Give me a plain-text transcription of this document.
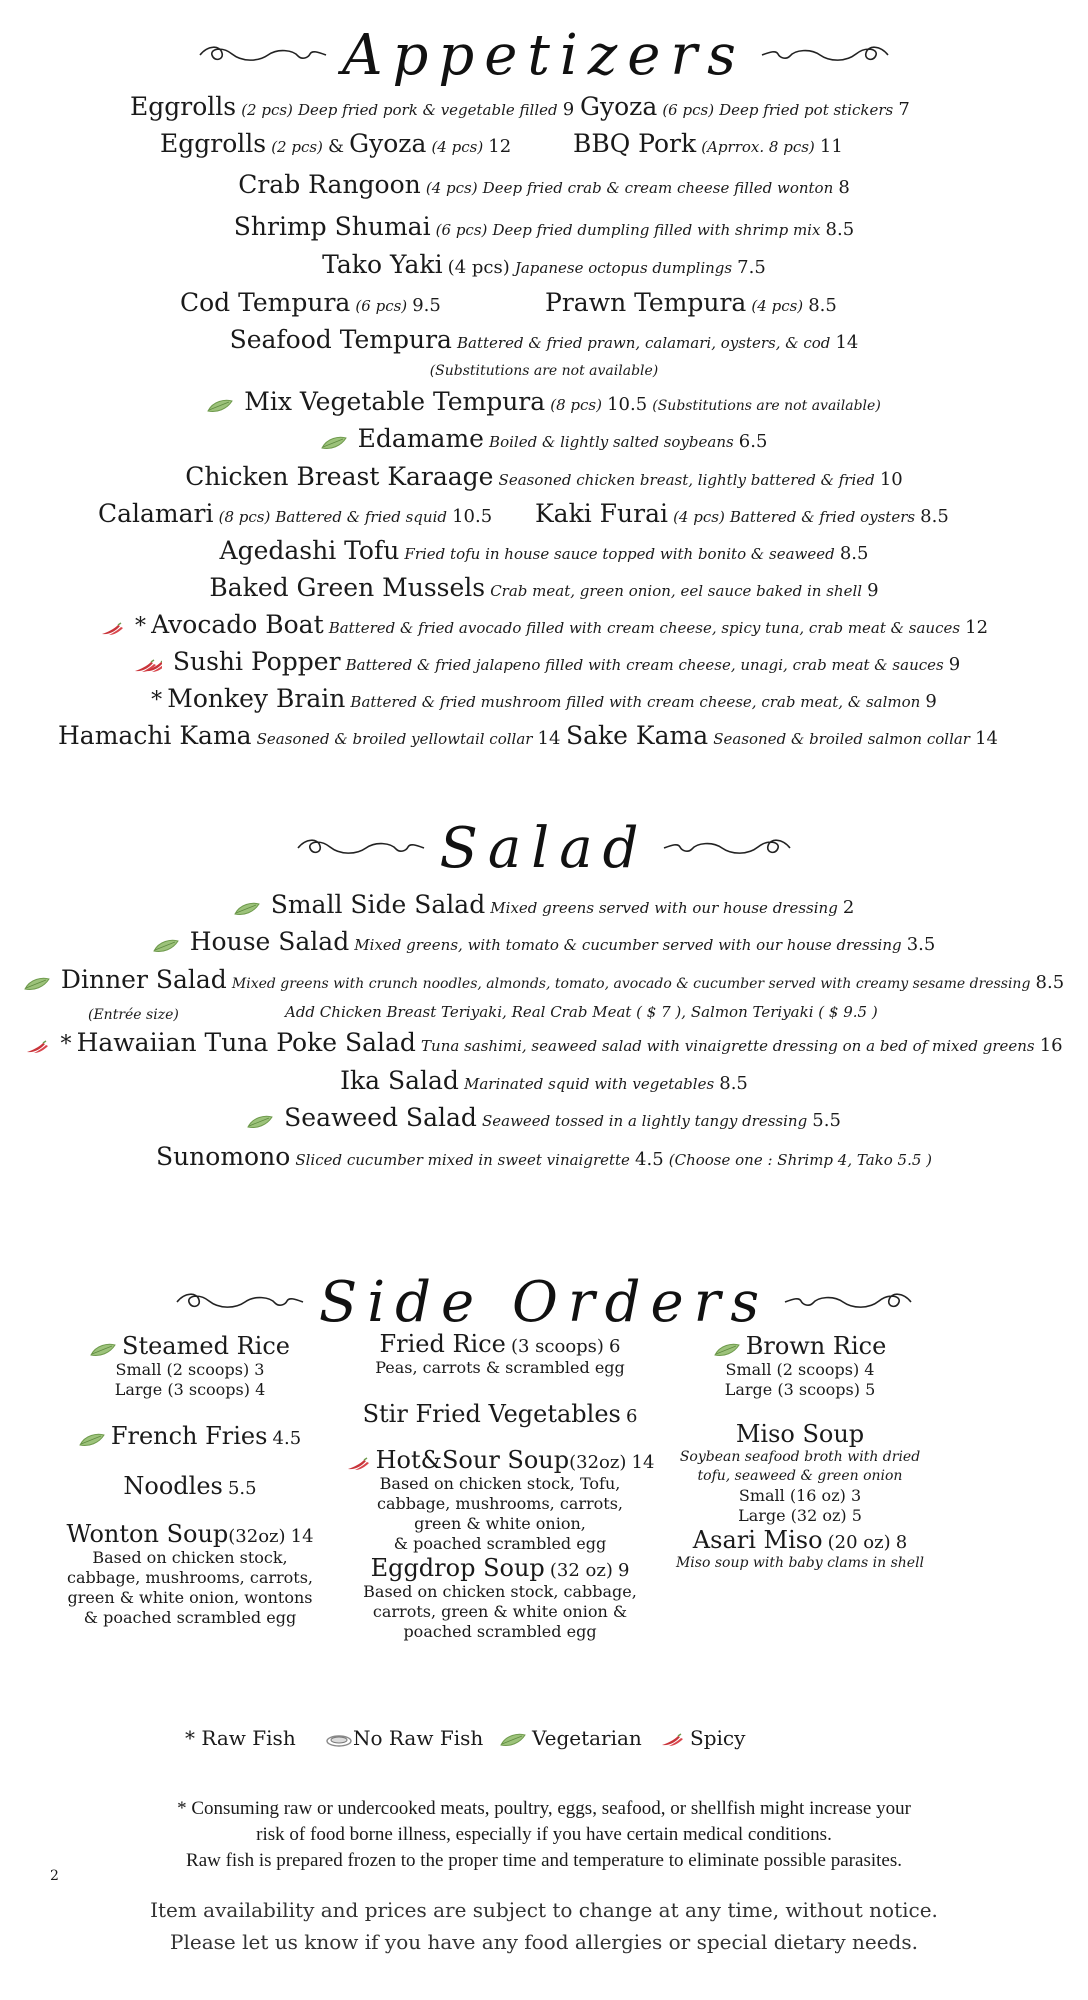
Appetizers
Eggrolls (2 pcs) Deep fried pork & vegetable filled 9 Gyoza (6 pcs) Deep fried pot stickers 7
Eggrolls (2 pcs) & Gyoza (4 pcs) 12 BBQ Pork (Aprrox. 8 pcs) 11
Crab Rangoon (4 pcs) Deep fried crab & cream cheese filled wonton 8
Shrimp Shumai (6 pcs) Deep fried dumpling filled with shrimp mix 8.5
Tako Yaki (4 pcs) Japanese octopus dumplings 7.5
Cod Tempura (6 pcs) 9.5	Prawn Tempura (4 pcs) 8.5
Seafood Tempura Battered & fried prawn, calamari, oysters, & cod 14
(Substitutions are not available)
Mix Vegetable Tempura (8 pcs) 10.5 (Substitutions are not available)
Edamame Boiled & lightly salted soybeans 6.5
Chicken Breast Karaage Seasoned chicken breast, lightly battered & fried 10
Calamari (8 pcs) Battered & fried squid 10.5 Kaki Furai (4 pcs) Battered & fried oysters 8.5
Agedashi Tofu Fried tofu in house sauce topped with bonito & seaweed 8.5
Baked Green Mussels Crab meat, green onion, eel sauce baked in shell 9
* Avocado Boat Battered & fried avocado filled with cream cheese, spicy tuna, crab meat & sauces 12
Sushi Popper Battered & fried jalapeno filled with cream cheese, unagi, crab meat & sauces 9
* Monkey Brain Battered & fried mushroom filled with cream cheese, crab meat, & salmon 9
Hamachi Kama Seasoned & broiled yellowtail collar 14 Sake Kama Seasoned & broiled salmon collar 14
Salad
Small Side Salad Mixed greens served with our house dressing 2
House Salad Mixed greens, with tomato & cucumber served with our house dressing 3.5
Dinner Salad Mixed greens with crunch noodles, almonds, tomato, avocado & cucumber served with creamy sesame dressing 8.5
(Entrée size)	Add Chicken Breast Teriyaki, Real Crab Meat ( $ 7 ), Salmon Teriyaki ( $ 9.5 )
* Hawaiian Tuna Poke Salad Tuna sashimi, seaweed salad with vinaigrette dressing on a bed of mixed greens 16
Ika Salad Marinated squid with vegetables 8.5
Seaweed Salad Seaweed tossed in a lightly tangy dressing 5.5
Sunomono Sliced cucumber mixed in sweet vinaigrette 4.5 (Choose one : Shrimp 4, Tako 5.5 )
Side Orders
Steamed Rice
Small (2 scoops) 3
Large (3 scoops) 4
French Fries 4.5
Noodles 5.5
Wonton Soup(32oz) 14
Based on chicken stock,
cabbage, mushrooms, carrots,
green & white onion, wontons
& poached scrambled egg
Fried Rice (3 scoops) 6
Peas, carrots & scrambled egg
Stir Fried Vegetables 6
Hot&Sour Soup(32oz) 14
Based on chicken stock, Tofu,
cabbage, mushrooms, carrots,
green & white onion,
& poached scrambled egg
Eggdrop Soup (32 oz) 9
Based on chicken stock, cabbage,
carrots, green & white onion &
poached scrambled egg
Brown Rice
Small (2 scoops) 4
Large (3 scoops) 5
Miso Soup
Soybean seafood broth with dried
tofu, seaweed & green onion
Small (16 oz) 3
Large (32 oz) 5
Asari Miso (20 oz) 8
Miso soup with baby clams in shell
* Raw Fish	No Raw Fish	Vegetarian	Spicy
* Consuming raw or undercooked meats, poultry, eggs, seafood, or shellfish might increase your
risk of food borne illness, especially if you have certain medical conditions.
Raw fish is prepared frozen to the proper time and temperature to eliminate possible parasites.
2
Item availability and prices are subject to change at any time, without notice.
Please let us know if you have any food allergies or special dietary needs.
